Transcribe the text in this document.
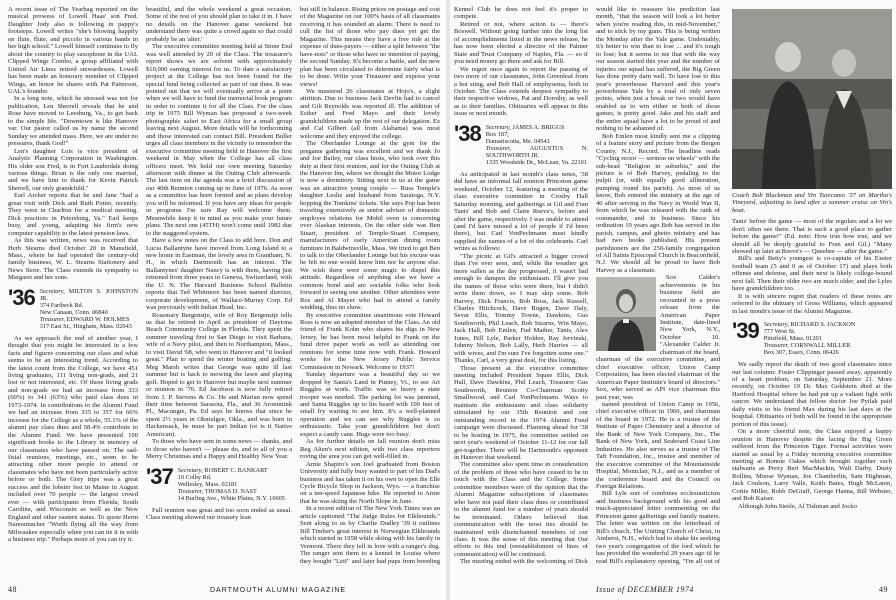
A recent issue of The Yearbag reported on the musical prowess of Lowell Haas' son Fred. Daughter Jody also is following in pappy's footsteps. Lowell writes "she's blowing happily on flute, flute, and piccolo in various bands in her high school." Lowell himself continues to fly about the country to play saxophone in the UAL Clipped Wings Combo, a group affiliated with United Air Lines retired stewardesses. Lowell has been made an honorary member of Clipped Wings, an honor he shares with Pat Patterson, UAL's founder.

In a long note, which he stressed was not for publication, Len Sherrell reveals that he and Rose have moved to Leesburg, Va., to get back to the simple life. "Downtown is like Hanover var. Our pastor called us by name the second Sunday we attended mass. Here, we are under no pressures, thank God!"

Len's daughter Lois is vice president of Analytic Planning Corporation in Washington. His older son Fred, is in Fort Lauderdale doing various things. Brian is the only one married, and we have him to thank for Kevin Patrick Sherrell, our only grandchild."

Earl Archer reports that he and Jane "had a great visit with Dick and Ruth Potter, recently. They were in Charlton for a medical meeting. Dick practices in Petersburg, Va." Earl keeps busy, and young, adapting his firm's new computer capability to the latest pension laws.

As this was written, news was received that Herb Stearns died October 20 in Mansfield, Mass., where he had operated the century-old family business, W. L. Stearns Stationery and News Store. The Class extends its sympathy to Margaret and her sons.

'36 Secretary, MILTON S. JOHNSTON JR.
374 Faribeck Rd.
New Canaan, Conn. 06840
Treasurer, EDWARD W. HOLMES
317 East St., Hingham, Mass. 02043

As we approach the end of another year, I thought that you might be interested in a few facts and figures concerning our class and what seems to be an interesting trend. According to the latest count from the College, we have 451 living graduates, 111 living non-grads, and 21 lost or not interested, etc. Of these living grads and non-grads we had an increase from 333 (60%) to 341 (63%) who paid class dues in 1973-1974. In contributions to the Alumni Fund we had an increase from 335 to 357 for 66% increase for the College as a whole, 55.1% of the alumni pay class dues and 58.4% contribute to the Alumni Fund. We have presented 100 significant books to the Library in memory of our classmates who have passed on. The sad-fisial reunions, meetings, etc., seem to be attracting other more people to attend or classmates who have not been particularly active before or both. The Grey trips was a great success and the lobster fest in Maine in August included over 70 people — the largest crowd ever — with participants from Florida, South Carolina, and Wisconsin as well as the New England and other eastern states. To quote Herm Nanoumacher "Worth flying all the way from Milwaukee especially when you can tie it in with a business trip." Perhaps more of you can try it.

beautiful, and the whole weekend a great occasion. Some of the rest of you should plan to take it in. I have no details on the Hanover game weekend but understand there was quite a crowd again so that could probably be an 'alter.'

The executive committee meeting held at Stone End was well attended by 20 of the Class. The treasurer's report shows we are solvent with approximately $10,000 earning interest for us. To date a satisfactory project at the College has not been found for the special fund being collected as part of our dues. It was pointed out that we will eventually arrive at a point when we will have to fund the memorial book program in order to continue it for all the Class. For the class trip in 1975 Bill Wyman has proposed a two-week photographic safari to East Africa for a small group leaving next August. More details will be forthcoming and those interested can contact Bill. President Buller urges all class members in the vicinity to remember the executive committee meeting held in Hanover the first weekend in May when the College has all class officers meet. We hold our own meeting Saturday afternoon with dinner at the Outing Club afterwards. The last item on the agenda was a brief discussion of our 40th Reunion coming up in June of 1976. As soon as a committee has been formed and as plans develop you will be informed. If you have any ideas for people or programs I'm sure Ray will welcome them. Meanwhile keep it in mind as you make your future plans. The next one (45TH) won't come until 1982 due to the staggered system.

Have a few notes on the Class to add here. Don and Lucia Ballantyne have moved from Long Island to a new home in Eastman, the lovely area in Grantham, N. H., in which Dartmouth has an interest. The Ballantynes' daughter Nancy is with them, having just returned from three years in Geneva, Switzerland, with the U. N. The Harvard Business School Bulletin reports that Ted Whitmore has been named director, corporate development, of Wallace-Murray Corp. Ed was previously with Indian Head, Inc.

Rosemary Bergenstje, wife of Roy Bergenstje tells us that he retired in April as president of Daytona Beach Community College in Florida. They spent the summer traveling first to San Diego to visit Barbara, wife of a Navy pilot, and then to Northampton, Mass., to visit David '68, who went to Hanover and "it looked great." Plan to spend the winter boating and golfing. Meg Marsh writes that George was quite ill last summer but is back to mowing the lawn and playing golf. Hoped to get to Hanover but maybe next summer or reunion in '76. Ed Jacobson is now fully retired from J. P. Stevens & Co. He and Marian now spend their time between Sarasota, Fla., and 36 Aronimink Pl., Macungie, Pa. Ed says he knows that since he spent 2½ years in Okmulgee, Okla., and was born in Hackensack, he must be part Indian (or is it Native American).

To those who have sent in some news — thanks, and to those who haven't — please do, and to all of you a Merry Christmas and a Happy and Healthy New Year.

'37 Secretary, ROBERT C. BANKART
10 Colby Rd.
Wellesley, Mass. 02181
Treasurer, THOMAS D. NAST
14 Burling Ave., White Plains, N.Y. 10605

Fall reunion was great and too soon ended as usual. Class meeting showed our treasury lean

but still in balance. Rising prices on postage and cost of the Magazine on our 100% basis of all classmates receiving it has sounded an alarm. There is need to cull the list of those who pay dues yet get the Magazine. This means they have a free ride at the expense of dues-payers — either a split between "the have-nots" or those who have no intention of paying, the second Sunday. It's become a battle, and the new plan has been circulated to determine fairly what is to be done. Write your Treasurer and express your views!

We mustered 26 classmates at Hojo's, a slight attrition. Due to business Jack Devlin had to cancel and Gib Reynolds was reported ill. The addition of Esther and Fred Mayo and their lovely grandchildren made up the rest of our delegation. Ez and Cal Gilbert (all from Alabama) was most welcome and they enjoyed the college.

The Oberlander Lounge at the gym for the pregame gathering was excellent and we thank Jo and Joe Bailey, our class hosts, who took over this duty at their first reunion, and for the Outing Club at the Hanover Inn, where we thought the Motor Lodge is now a dormitory. Sitting next to us at the game was an attractive young couple — Russ Temple's daughter Leslie and husband from Saratoga, N.Y. hopping the Tomkins' tickets. She says Pop has been traveling extensively as senior advisor of domestic employee relations for Mobil oven is concerning over Alaskan interests. On the other side was Ben Stuart, president of Temple-Stuart Company, manufacturers of early American dining room furniture in Baldwinsville, Mass. We tried to get Ben to talk to the Oberlander Lounge but his excuse was he felt no one would know him nor he anyone else. We wish there were some magic to dispel this attitude. Regardless of anything else we have a common bond and are sociable folks who look forward to seeing one another. Other attendees were Ros and Al Mayer who had to attend a family wedding, thus no show.

By executive committee unanimous vote Howard Ross is now an adopted member of the Class. An old friend of Frank Kohn who shares his digs in New Jersey, he has been most helpful to Frank on the fund drive paper work as well as attending our reunions for some time now with Frank. Howard works for the New Jersey Public Service Commission in Newark. Welcome to 1937!

Sunday departure was a beautiful day so we dropped by Santa's Land in Putney, Vt., to see Art Ruggles at work. Traffic was so heavy a state trooper was needed. The parking lot was jammed, and Santa Ruggles up to his beard with 100 feet of small fry waiting to see him. It's a well-planned operation and we can see why Ruggles is so enthusiastic. Take your grandchildren but don't expect a candy cane. Hugs were too busy.

As for further details on fall reunion don't miss Reg Alten's next edition, with two class reporters roving the area you can get well-filled in.

Arnie Shapiro's son Joel graduated from Boston University and fully busy wanted to part of his Dad's business and has taken it on his own to open the Elle Cycle Bicycle Shop in Jackson, Wyo. — a franchise on a ten-speed Japanese bike. He reported to Arnie that he was skiing the North Slope in June.

In a recent edition of The New York Times was an article captioned "The Judge Rules for Elkhounds." Sent along to us by Charlie Dudley '39 it outlines Bill Timber's great interest in Norwegian Elkhounds which started in 1958 while skiing with his family in Vermont. There they fell in love with a ranger's dog. The ranger sent them to a kennel in Louisa where they bought "Leif" and later had pups from breeding

48	DARTMOUTH ALUMNI MAGAZINE

Kennel Club he does not feel it's proper to compete.

Retired or not, where action is — there's Boswell. Without going further into the long list of accomplishments listed in the news release, he has now been elected a director of the Palmer State and Trust Company of Naples, Fla. — so if you need money go there and ask for Bill.

We regret once again to report the passing of two more of our classmates, John Greenleaf from a hot sting, and Bob Hall of emphysema, both in October. The Class extends deepest sympathy to their respective widows, Pat and Dorothy, as well as to their families. Obituaries will appear in this issue or next month.

'38 Secretary, JAMES A. BRIGGS
Box 187,
Damariscotta, Me. 04543
Treasurer,	AUGUSTUS N. SOUTHWORTH JR.
1335 Woodside Dr., McLean, Va. 22101

As anticipated in last month's class notes, '38 did have an informal fall reunion Princeton game weekend, October 12, featuring a meeting of the class executive committee in Crosby Hall Saturday morning, and gatherings at Gil and Fran Tanis' and Bob and Claire Reeve's, before and after the game, respectively. I was unable to attend (and I'd have missed a lot of people if I'd been there), but Carl VonPechmann must kindly supplied the names of a lot of the celebrants. Carl writes as follows:

"The picnic at Gil's attracted a bigger crowd than I've ever seen, and, while the weather got more sullen as the day progressed, it wasn't bad enough to dampen the enthusiasm. I'll give you the names of those who were there, but I didn't write them down, so I may skip some. Bob Harvey, Dick Francis, Bob Ross, Jack Russell, Charles Hitchcock, Dave Rugen, Dave Daly, Sevar Ellis, Tommy Towne, Dawkins, Gus Southworth, Phil Leach, Bob Stearns, Win Mayo, Jack Hall, Bob Emlen, Fud Mather, Tanis, Alex Jones, Bill Lyle, Parker Holden, Ray Jervinski, Johnny Nelson, Bob Lally, Herb Harries — all with wives, and I'm sure I've forgotten some one." Thanks, Carl, a very great deal, for this listing.

Those present at the executive committee meeting included President Squee Ellis, Dick Hall, Dave Dawkins, Phil Leach, Treasurer Gus Southworth, Reunion Co-Chairman Scotty Smallwood, and Carl VonPechmann. Ways to maintain the enthusiasm and class solidarity stimulated by our 35th Reunion and our outstanding record in the 1974 Alumni Fund campaign were discussed. Planning ahead for '38 to be hosting in 1975, the committee settled on next year's weekend of October 11-12 for our fall get-together. There will be Dartmouth's opponent in Hanover that weekend.

The committee also spent time in consideration of the problem of those who have ceased to be in touch with the Class and the College. Some committee members were of the opinion that the Alumni Magazine subscriptions of classmates who have not paid their class dues or contributed to the alumni fund for a number of years should be terminated. Others believed that communication with the most ties should be maintained with disenchanted members of our class. It was the sense of this meeting that Our efforts to this end (reestablishment of lines of communication) will be continued.

The meeting ended with the welcoming of Dick

would like to reassure his prediction last month, "that the season will look a lot better when you're reading this, in mid-November," and to stick by my guns. This is being written the Monday after the Yale game. Undeniably, it's better to win than to lose ... and it's tough to lose; but it seems to me that with the way our season started this year and the number of injuries our squad has suffered, the Big Green has done pretty darn well. To have lost to this year's powerhouse Harvard and this year's powerhouse Yale by a total of only seven points, when just a break or two would have enabled us to win either or both of those games, is pretty good. Jake and his staff and the entire squad have a lot to be proud of and nothing to be ashamed of.

Bob Emlen most kindly sent me a clipping of a feature story and picture from the Bergen County, N.J., Record. The headline reads "Cycling rector — sermon on wheels" with the sub-head "Religion in suburbia," and the picture is of Bob Harvey, pedaling to the pulpit (or, with equally good alliteration, pumping round his parish). As most of us know, Bob entered the ministry at the age of 40 after serving in the Navy in World War II, from which he was released with the rank of commander, and in business. Since his ordination 19 years ago Bob has served in the parish, campus, and ghetto ministry and has had two books published. His present parishioners are the 250-family congregation of All Saints Episcopal Church in Beaconfield, N.J. We should all be proud to have Bob Harvey as a classmate.

Sox Calder's achievements in his business field are recounted in a press release from the American Paper Institute, date-lined New York, N.Y., October 10. "Alexander Calder Jr. chairman of the board, chairman of the executive committee, and chief executive officer, Union Camp Corporation, has been elected chairman of the American Paper Institute's board of directors." Sox, who served as API vice chairman this past year, was

named president of Union Camp in 1956, chief executive officer in 1960, and chairman of the board in 1972. He is a trustee of the Institute of Paper Chemistry and a director of the Bank of New York Company, Inc., The Bank of New York, and Seaboard Coast Line Industries. He also serves as a trustee of The Taft Foundation, Inc., trustee and member of the executive committee of the Mountainside Hospital, Montclair, N.J., and as a member of the conference board and the Council on Foreign Relations.

Bill Lyle sort of combines ecclesiasticism and business background with his good and much-appreciated letter commenting on the Princeton game gatherings and family matters. The letter was written on the letterhead of Bill's church, The Uniting Church of Christ, in Amherst, N.H., which had to shake his seeking two year's congregation of the lord which he has provided the wonderful 29 years ago til he read Bill's explanatory opening, "I'm all out of

Coach Bob Blackman and Vin Turecamo '37 on Martha's Vineyard, adjusting to land after a summer cruise on Vin's boat.

Tanis' before the game — most of the regulars and a lot we don't often see there. That is such a good place to gather before the game!" (Ed. note: How true how true, and we should all be deeply grateful to Fran and Gil.) "Many showed up later at Reeve's — Queebee — after the game."

Bill's and Betty's youngest is co-captain of his Exeter football team (5 and 0 as of October 17) and plays both offense and defense, and their next is likely college-bound next fall. Then their older two are much older, and the Lyles have grandchildren too.

It is with sincere regret that readers of these notes are referred to the obituary of Gross Williams, which appeared in last month's issue of the Alumni Magazine.

'39 Secretary, RICHARD S. JACKSON
777 West St.
Pittsfield, Mass. 01201
Treasurer, CORNWALL MILLER
Box 307, Essex, Conn. 06426

We sadly report the death of two good classmates since our last column: Foster Clippinger passed away, apparently of a heart problem, on Saturday, September 21. More recently, on October 19 Dr. Max Goldstein died at the Hartford Hospital where he had put up a valiant fight with cancer. We understand that fellow doctor Joe Pytlak paid daily visits to his friend Max during his last days at the hospital. Obituaries of both will be found in the appropriate portion of this issue).

On a more cheerful note, the Class enjoyed a happy reunion in Hanover despite the lacing the Big Green suffered from the Princeton Tiger. Formal activities were started as usual by a Friday morning executive committee meeting at Bonnie Oakes which brought together such stalwarts as Prexy Bert MacMackin, Walt Darby, Dusty Rollins, Moose Wyman, Joe Chamberlin, Sam Highman, Jack Coulson, Larry Valle, Keith Bates, Hugh McLaren, Cortie Miller, Robb DeGraff, George Hanna, Bill Webster, and Bob Kaiser.

Although John Steele, Al Tishman and Jocko

Issue of DECEMBER 1974	49
